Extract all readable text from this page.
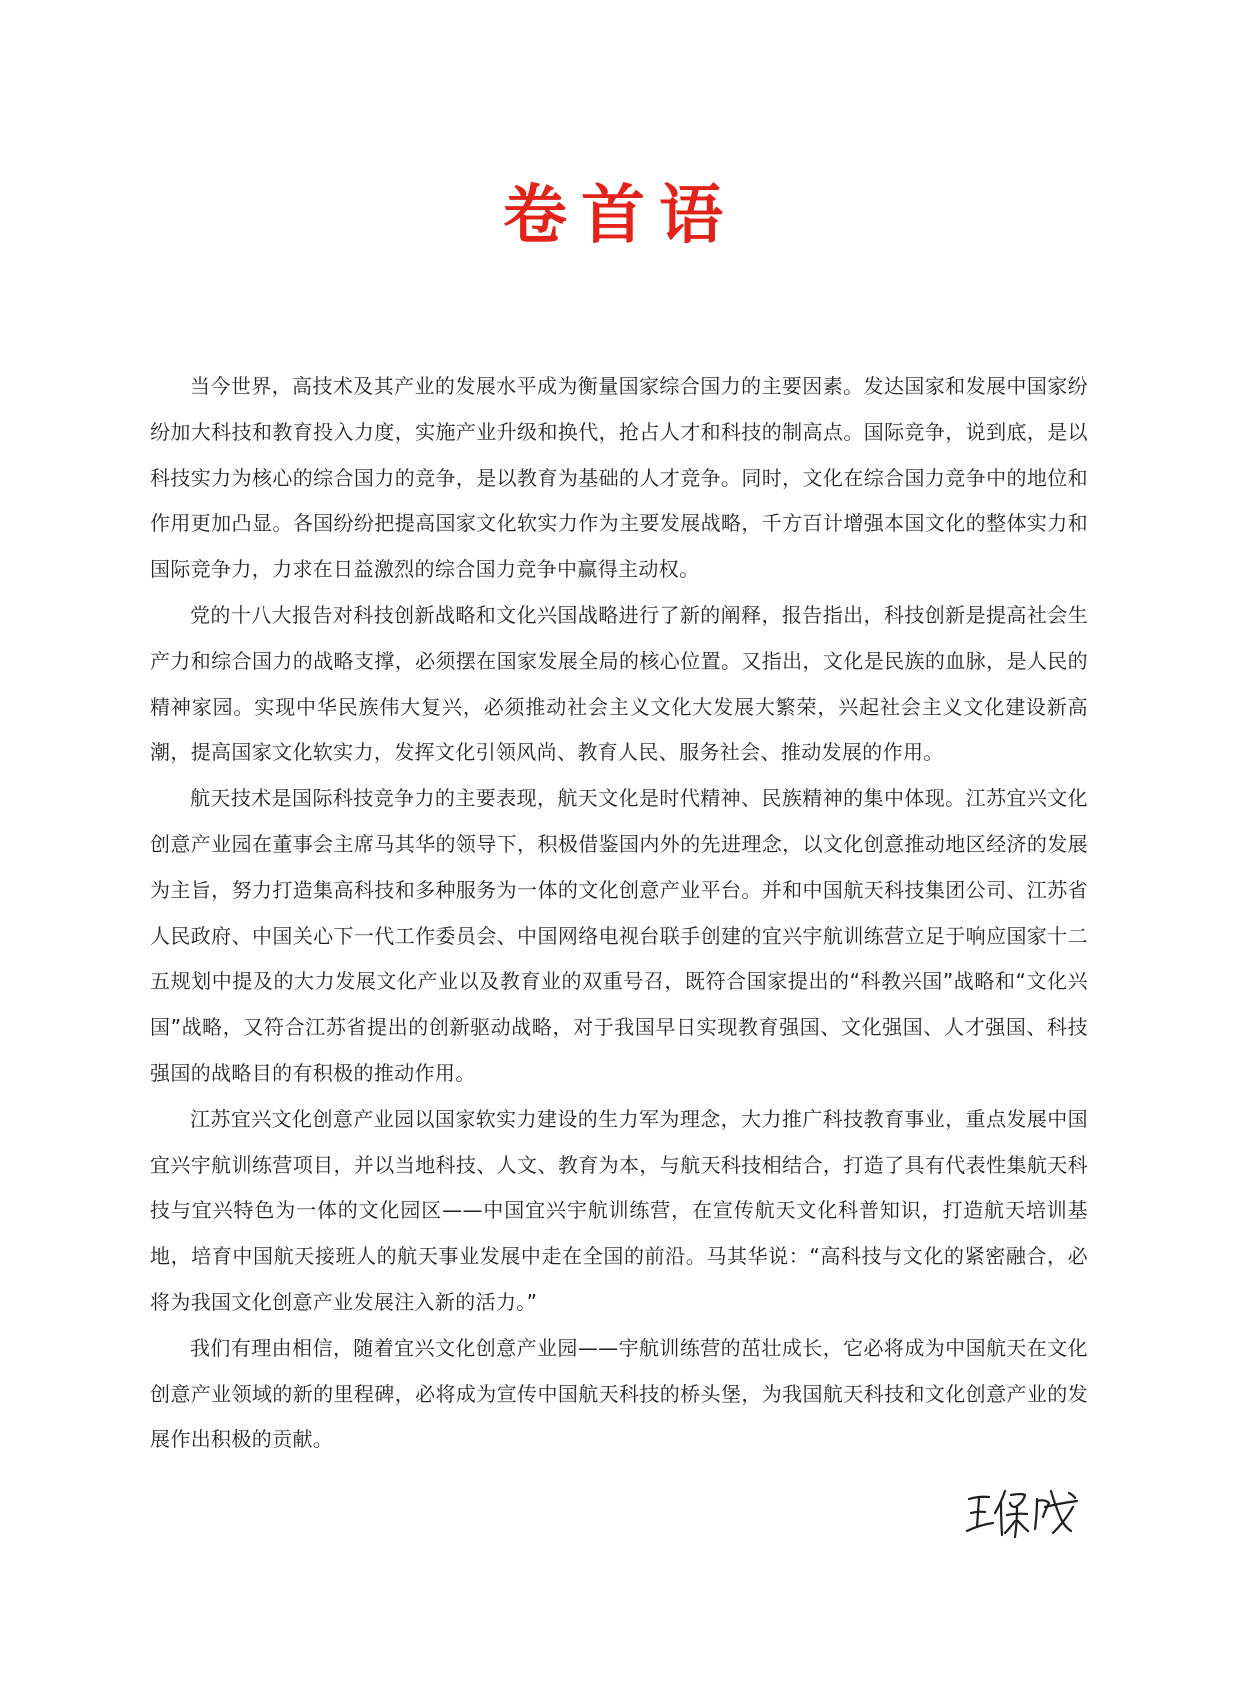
卷首语

当今世界，高技术及其产业的发展水平成为衡量国家综合国力的主要因素。发达国家和发展中国家纷纷加大科技和教育投入力度，实施产业升级和换代，抢占人才和科技的制高点。国际竞争，说到底，是以科技实力为核心的综合国力的竞争，是以教育为基础的人才竞争。同时，文化在综合国力竞争中的地位和作用更加凸显。各国纷纷把提高国家文化软实力作为主要发展战略，千方百计增强本国文化的整体实力和国际竞争力，力求在日益激烈的综合国力竞争中赢得主动权。

党的十八大报告对科技创新战略和文化兴国战略进行了新的阐释，报告指出，科技创新是提高社会生产力和综合国力的战略支撑，必须摆在国家发展全局的核心位置。又指出，文化是民族的血脉，是人民的精神家园。实现中华民族伟大复兴，必须推动社会主义文化大发展大繁荣，兴起社会主义文化建设新高潮，提高国家文化软实力，发挥文化引领风尚、教育人民、服务社会、推动发展的作用。

航天技术是国际科技竞争力的主要表现，航天文化是时代精神、民族精神的集中体现。江苏宜兴文化创意产业园在董事会主席马其华的领导下，积极借鉴国内外的先进理念，以文化创意推动地区经济的发展为主旨，努力打造集高科技和多种服务为一体的文化创意产业平台。并和中国航天科技集团公司、江苏省人民政府、中国关心下一代工作委员会、中国网络电视台联手创建的宜兴宇航训练营立足于响应国家十二五规划中提及的大力发展文化产业以及教育业的双重号召，既符合国家提出的“科教兴国”战略和“文化兴国”战略，又符合江苏省提出的创新驱动战略，对于我国早日实现教育强国、文化强国、人才强国、科技强国的战略目的有积极的推动作用。

江苏宜兴文化创意产业园以国家软实力建设的生力军为理念，大力推广科技教育事业，重点发展中国宜兴宇航训练营项目，并以当地科技、人文、教育为本，与航天科技相结合，打造了具有代表性集航天科技与宜兴特色为一体的文化园区——中国宜兴宇航训练营，在宣传航天文化科普知识，打造航天培训基地，培育中国航天接班人的航天事业发展中走在全国的前沿。马其华说：“高科技与文化的紧密融合，必将为我国文化创意产业发展注入新的活力。”

我们有理由相信，随着宜兴文化创意产业园——宇航训练营的茁壮成长，它必将成为中国航天在文化创意产业领域的新的里程碑，必将成为宣传中国航天科技的桥头堡，为我国航天科技和文化创意产业的发展作出积极的贡献。
